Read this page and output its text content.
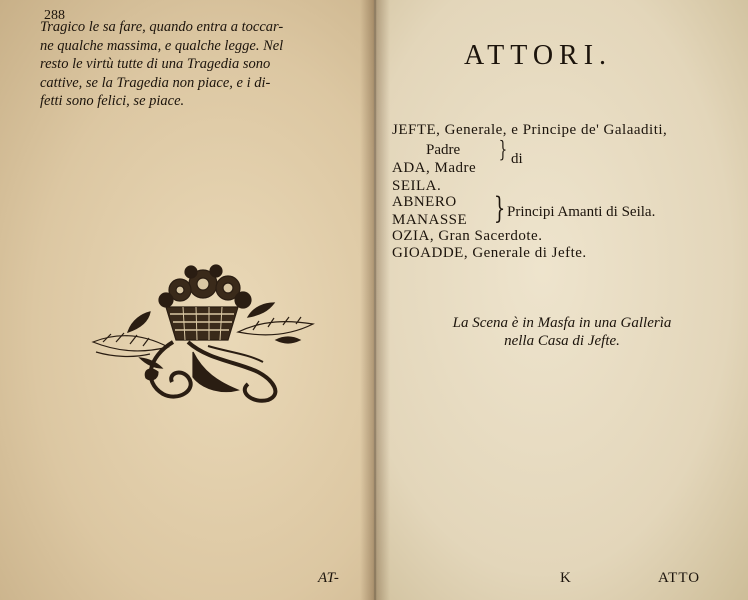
288
Tragico le sa fare, quando entra a toccar-
ne qualche massima, e qualche legge. Nel
resto le virtù tutte di una Tragedia sono
cattive, se la Tragedia non piace, e i di-
fetti sono felici, se piace.
AT-
ATTORI.
JEFTE, Generale, e Principe de' Galaaditi,
Padre
ADA, Madre
} di
SEILA.
ABNERO
MANASSE } Principi Amanti di Seila.
OZIA, Gran Sacerdote.
GIOADDE, Generale di Jefte.
La Scena è in Masfa in una Gallerìa
nella Casa di Jefte.
K	ATTO
